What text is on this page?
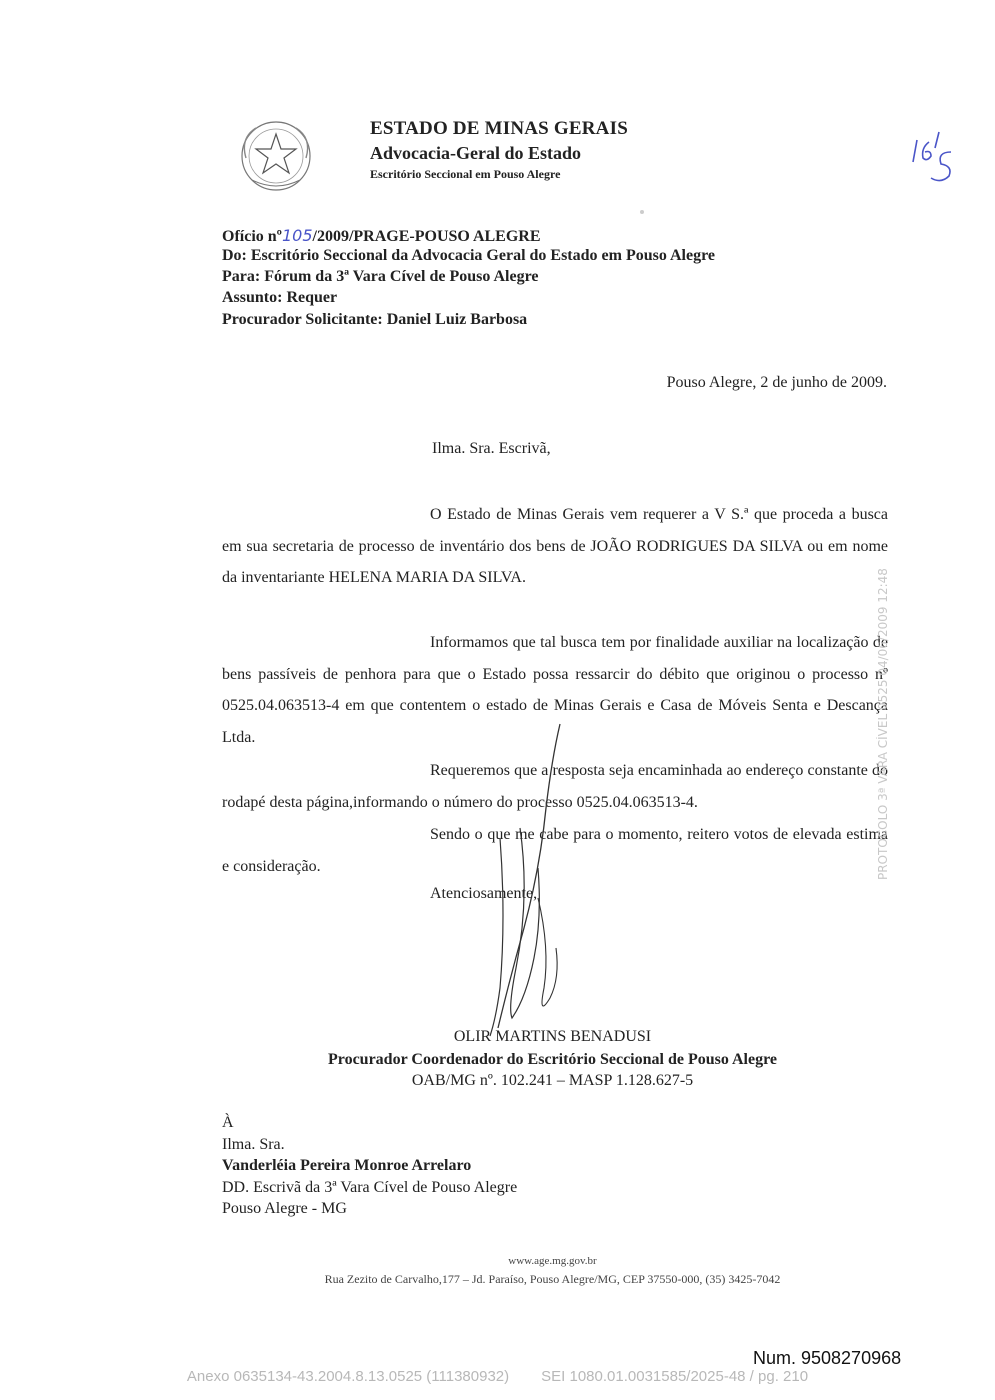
ESTADO DE MINAS GERAIS
Advocacia-Geral do Estado
Escritório Seccional em Pouso Alegre
Ofício nº105/2009/PRAGE-POUSO ALEGRE
Do: Escritório Seccional da Advocacia Geral do Estado em Pouso Alegre
Para: Fórum da 3ª Vara Cível de Pouso Alegre
Assunto: Requer
Procurador Solicitante: Daniel Luiz Barbosa
Pouso Alegre, 2 de junho de 2009.
Ilma. Sra. Escrivã,
O Estado de Minas Gerais vem requerer a V S.ª que proceda a busca em sua secretaria de processo de inventário dos bens de JOÃO RODRIGUES DA SILVA ou em nome da inventariante HELENA MARIA DA SILVA.
Informamos que tal busca tem por finalidade auxiliar na localização de bens passíveis de penhora para que o Estado possa ressarcir do débito que originou o processo nº 0525.04.063513-4 em que contentem o estado de Minas Gerais e Casa de Móveis Senta e Descança Ltda.
Requeremos que a resposta seja encaminhada ao endereço constante do rodapé desta página,informando o número do processo 0525.04.063513-4.
Sendo o que me cabe para o momento, reitero votos de elevada estima e consideração.
Atenciosamente,
OLIR MARTINS BENADUSI
Procurador Coordenador do Escritório Seccional de Pouso Alegre
OAB/MG nº. 102.241 – MASP 1.128.627-5
À
Ilma. Sra.
Vanderléia Pereira Monroe Arrelaro
DD. Escrivã da 3ª Vara Cível de Pouso Alegre
Pouso Alegre - MG
www.age.mg.gov.br
Rua Zezito de Carvalho,177 – Jd. Paraíso, Pouso Alegre/MG, CEP 37550-000, (35) 3425-7042
PROTOCOLO 3ª VARA CÍVEL 0525 04/06/2009 12:48
Num. 9508270968
Anexo 0635134-43.2004.8.13.0525 (111380932) SEI 1080.01.0031585/2025-48 / pg. 210
